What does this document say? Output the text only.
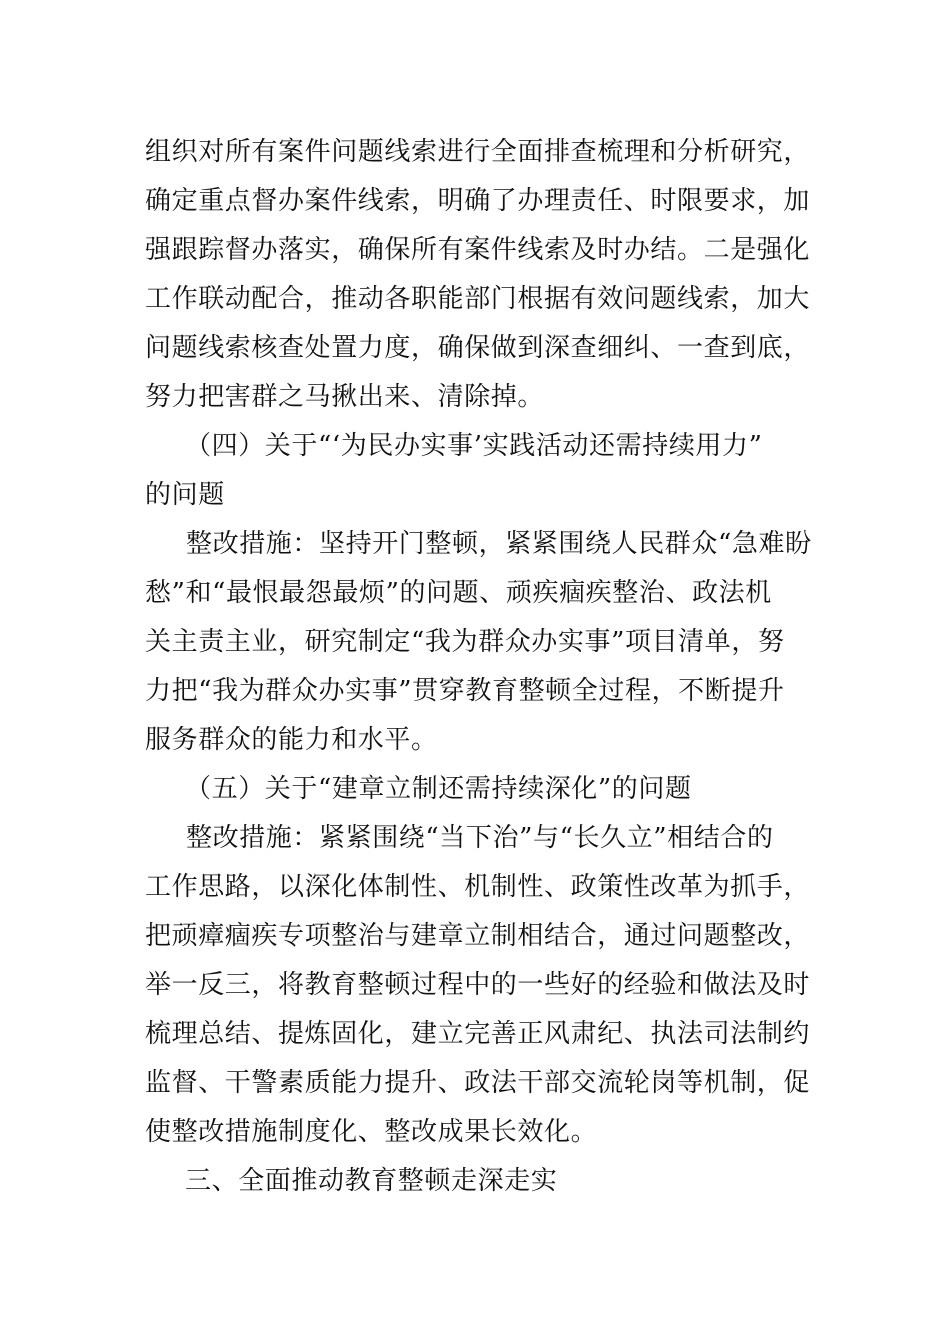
组织对所有案件问题线索进行全面排查梳理和分析研究，
确定重点督办案件线索，明确了办理责任、时限要求，加
强跟踪督办落实，确保所有案件线索及时办结。二是强化
工作联动配合，推动各职能部门根据有效问题线索，加大
问题线索核查处置力度，确保做到深查细纠、一查到底，
努力把害群之马揪出来、清除掉。
（四）关于“‘为民办实事’实践活动还需持续用力”
的问题
整改措施：坚持开门整顿，紧紧围绕人民群众“急难盼
愁”和“最恨最怨最烦”的问题、顽疾痼疾整治、政法机
关主责主业，研究制定“我为群众办实事”项目清单，努
力把“我为群众办实事”贯穿教育整顿全过程，不断提升
服务群众的能力和水平。
（五）关于“建章立制还需持续深化”的问题
整改措施：紧紧围绕“当下治”与“长久立”相结合的
工作思路，以深化体制性、机制性、政策性改革为抓手，
把顽瘴痼疾专项整治与建章立制相结合，通过问题整改，
举一反三，将教育整顿过程中的一些好的经验和做法及时
梳理总结、提炼固化，建立完善正风肃纪、执法司法制约
监督、干警素质能力提升、政法干部交流轮岗等机制，促
使整改措施制度化、整改成果长效化。
三、全面推动教育整顿走深走实
